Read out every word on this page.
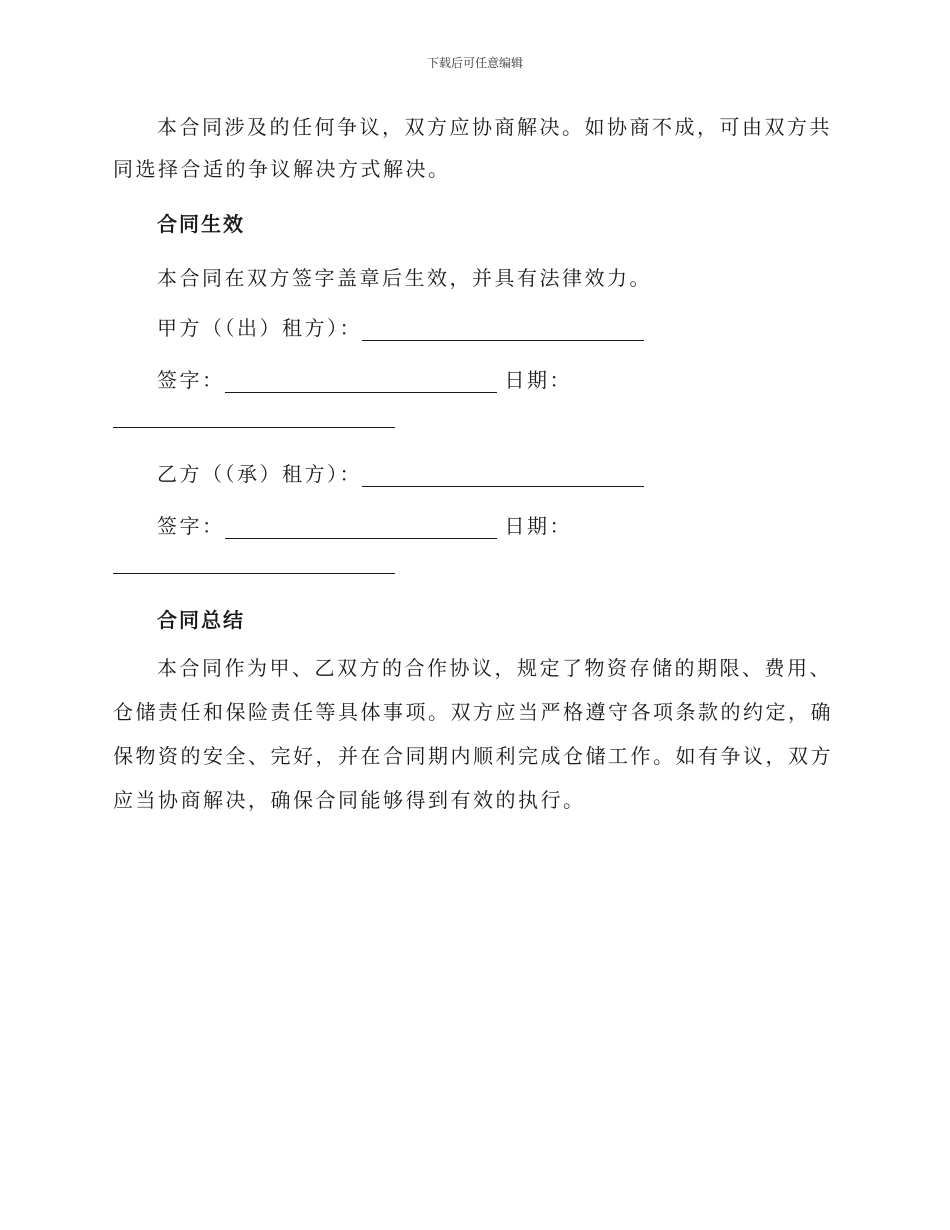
下载后可任意编辑

本合同涉及的任何争议，双方应协商解决。如协商不成，可由双方共同选择合适的争议解决方式解决。

合同生效
本合同在双方签字盖章后生效，并具有法律效力。
甲方（（出）租方）：
签字：	日期：
乙方（（承）租方）：
签字：	日期：
合同总结

本合同作为甲、乙双方的合作协议，规定了物资存储的期限、费用、仓储责任和保险责任等具体事项。双方应当严格遵守各项条款的约定，确保物资的安全、完好，并在合同期内顺利完成仓储工作。如有争议，双方应当协商解决，确保合同能够得到有效的执行。
